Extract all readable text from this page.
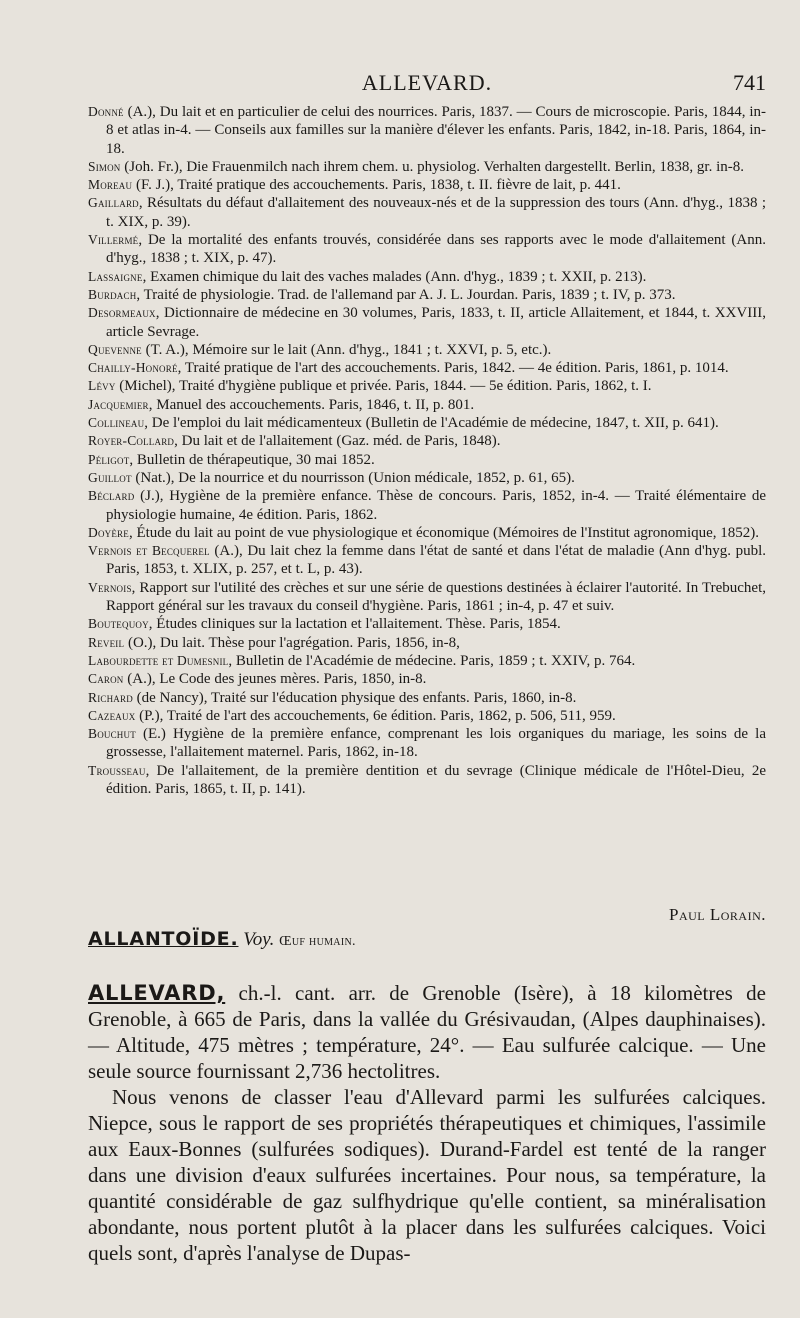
ALLEVARD.	741

Donné (A.), Du lait et en particulier de celui des nourrices. Paris, 1837. — Cours de microscopie. Paris, 1844, in-8 et atlas in-4. — Conseils aux familles sur la manière d'élever les enfants. Paris, 1842, in-18. Paris, 1864, in-18.

Simon (Joh. Fr.), Die Frauenmilch nach ihrem chem. u. physiolog. Verhalten dargestellt. Berlin, 1838, gr. in-8.

Moreau (F. J.), Traité pratique des accouchements. Paris, 1838, t. II. fièvre de lait, p. 441.

Gaillard, Résultats du défaut d'allaitement des nouveaux-nés et de la suppression des tours (Ann. d'hyg., 1838 ; t. XIX, p. 39).

Villermé, De la mortalité des enfants trouvés, considérée dans ses rapports avec le mode d'allaitement (Ann. d'hyg., 1838 ; t. XIX, p. 47).

Lassaigne, Examen chimique du lait des vaches malades (Ann. d'hyg., 1839 ; t. XXII, p. 213).

Burdach, Traité de physiologie. Trad. de l'allemand par A. J. L. Jourdan. Paris, 1839 ; t. IV, p. 373.

Desormeaux, Dictionnaire de médecine en 30 volumes, Paris, 1833, t. II, article Allaitement, et 1844, t. XXVIII, article Sevrage.

Quevenne (T. A.), Mémoire sur le lait (Ann. d'hyg., 1841 ; t. XXVI, p. 5, etc.).

Chailly-Honoré, Traité pratique de l'art des accouchements. Paris, 1842. — 4e édition. Paris, 1861, p. 1014.

Lévy (Michel), Traité d'hygiène publique et privée. Paris, 1844. — 5e édition. Paris, 1862, t. I.

Jacquemier, Manuel des accouchements. Paris, 1846, t. II, p. 801.

Collineau, De l'emploi du lait médicamenteux (Bulletin de l'Académie de médecine, 1847, t. XII, p. 641).

Royer-Collard, Du lait et de l'allaitement (Gaz. méd. de Paris, 1848).

Péligot, Bulletin de thérapeutique, 30 mai 1852.

Guillot (Nat.), De la nourrice et du nourrisson (Union médicale, 1852, p. 61, 65).

Béclard (J.), Hygiène de la première enfance. Thèse de concours. Paris, 1852, in-4. — Traité élémentaire de physiologie humaine, 4e édition. Paris, 1862.

Doyère, Étude du lait au point de vue physiologique et économique (Mémoires de l'Institut agronomique, 1852).

Vernois et Becquerel (A.), Du lait chez la femme dans l'état de santé et dans l'état de maladie (Ann d'hyg. publ. Paris, 1853, t. XLIX, p. 257, et t. L, p. 43).

Vernois, Rapport sur l'utilité des crèches et sur une série de questions destinées à éclairer l'autorité. In Trebuchet, Rapport général sur les travaux du conseil d'hygiène. Paris, 1861 ; in-4, p. 47 et suiv.

Boutequoy, Études cliniques sur la lactation et l'allaitement. Thèse. Paris, 1854.

Reveil (O.), Du lait. Thèse pour l'agrégation. Paris, 1856, in-8,

Labourdette et Dumesnil, Bulletin de l'Académie de médecine. Paris, 1859 ; t. XXIV, p. 764.

Caron (A.), Le Code des jeunes mères. Paris, 1850, in-8.

Richard (de Nancy), Traité sur l'éducation physique des enfants. Paris, 1860, in-8.

Cazeaux (P.), Traité de l'art des accouchements, 6e édition. Paris, 1862, p. 506, 511, 959.

Bouchut (E.) Hygiène de la première enfance, comprenant les lois organiques du mariage, les soins de la grossesse, l'allaitement maternel. Paris, 1862, in-18.

Trousseau, De l'allaitement, de la première dentition et du sevrage (Clinique médicale de l'Hôtel-Dieu, 2e édition. Paris, 1865, t. II, p. 141).

Paul Lorain.
ALLANTOÏDE. Voy. Œuf humain.

ALLEVARD, ch.-l. cant. arr. de Grenoble (Isère), à 18 kilomètres de Grenoble, à 665 de Paris, dans la vallée du Grésivaudan, (Alpes dauphinaises). — Altitude, 475 mètres ; température, 24°. — Eau sulfurée calcique. — Une seule source fournissant 2,736 hectolitres.

Nous venons de classer l'eau d'Allevard parmi les sulfurées calciques. Niepce, sous le rapport de ses propriétés thérapeutiques et chimiques, l'assimile aux Eaux-Bonnes (sulfurées sodiques). Durand-Fardel est tenté de la ranger dans une division d'eaux sulfurées incertaines. Pour nous, sa température, la quantité considérable de gaz sulfhydrique qu'elle contient, sa minéralisation abondante, nous portent plutôt à la placer dans les sulfurées calciques. Voici quels sont, d'après l'analyse de Dupas-
